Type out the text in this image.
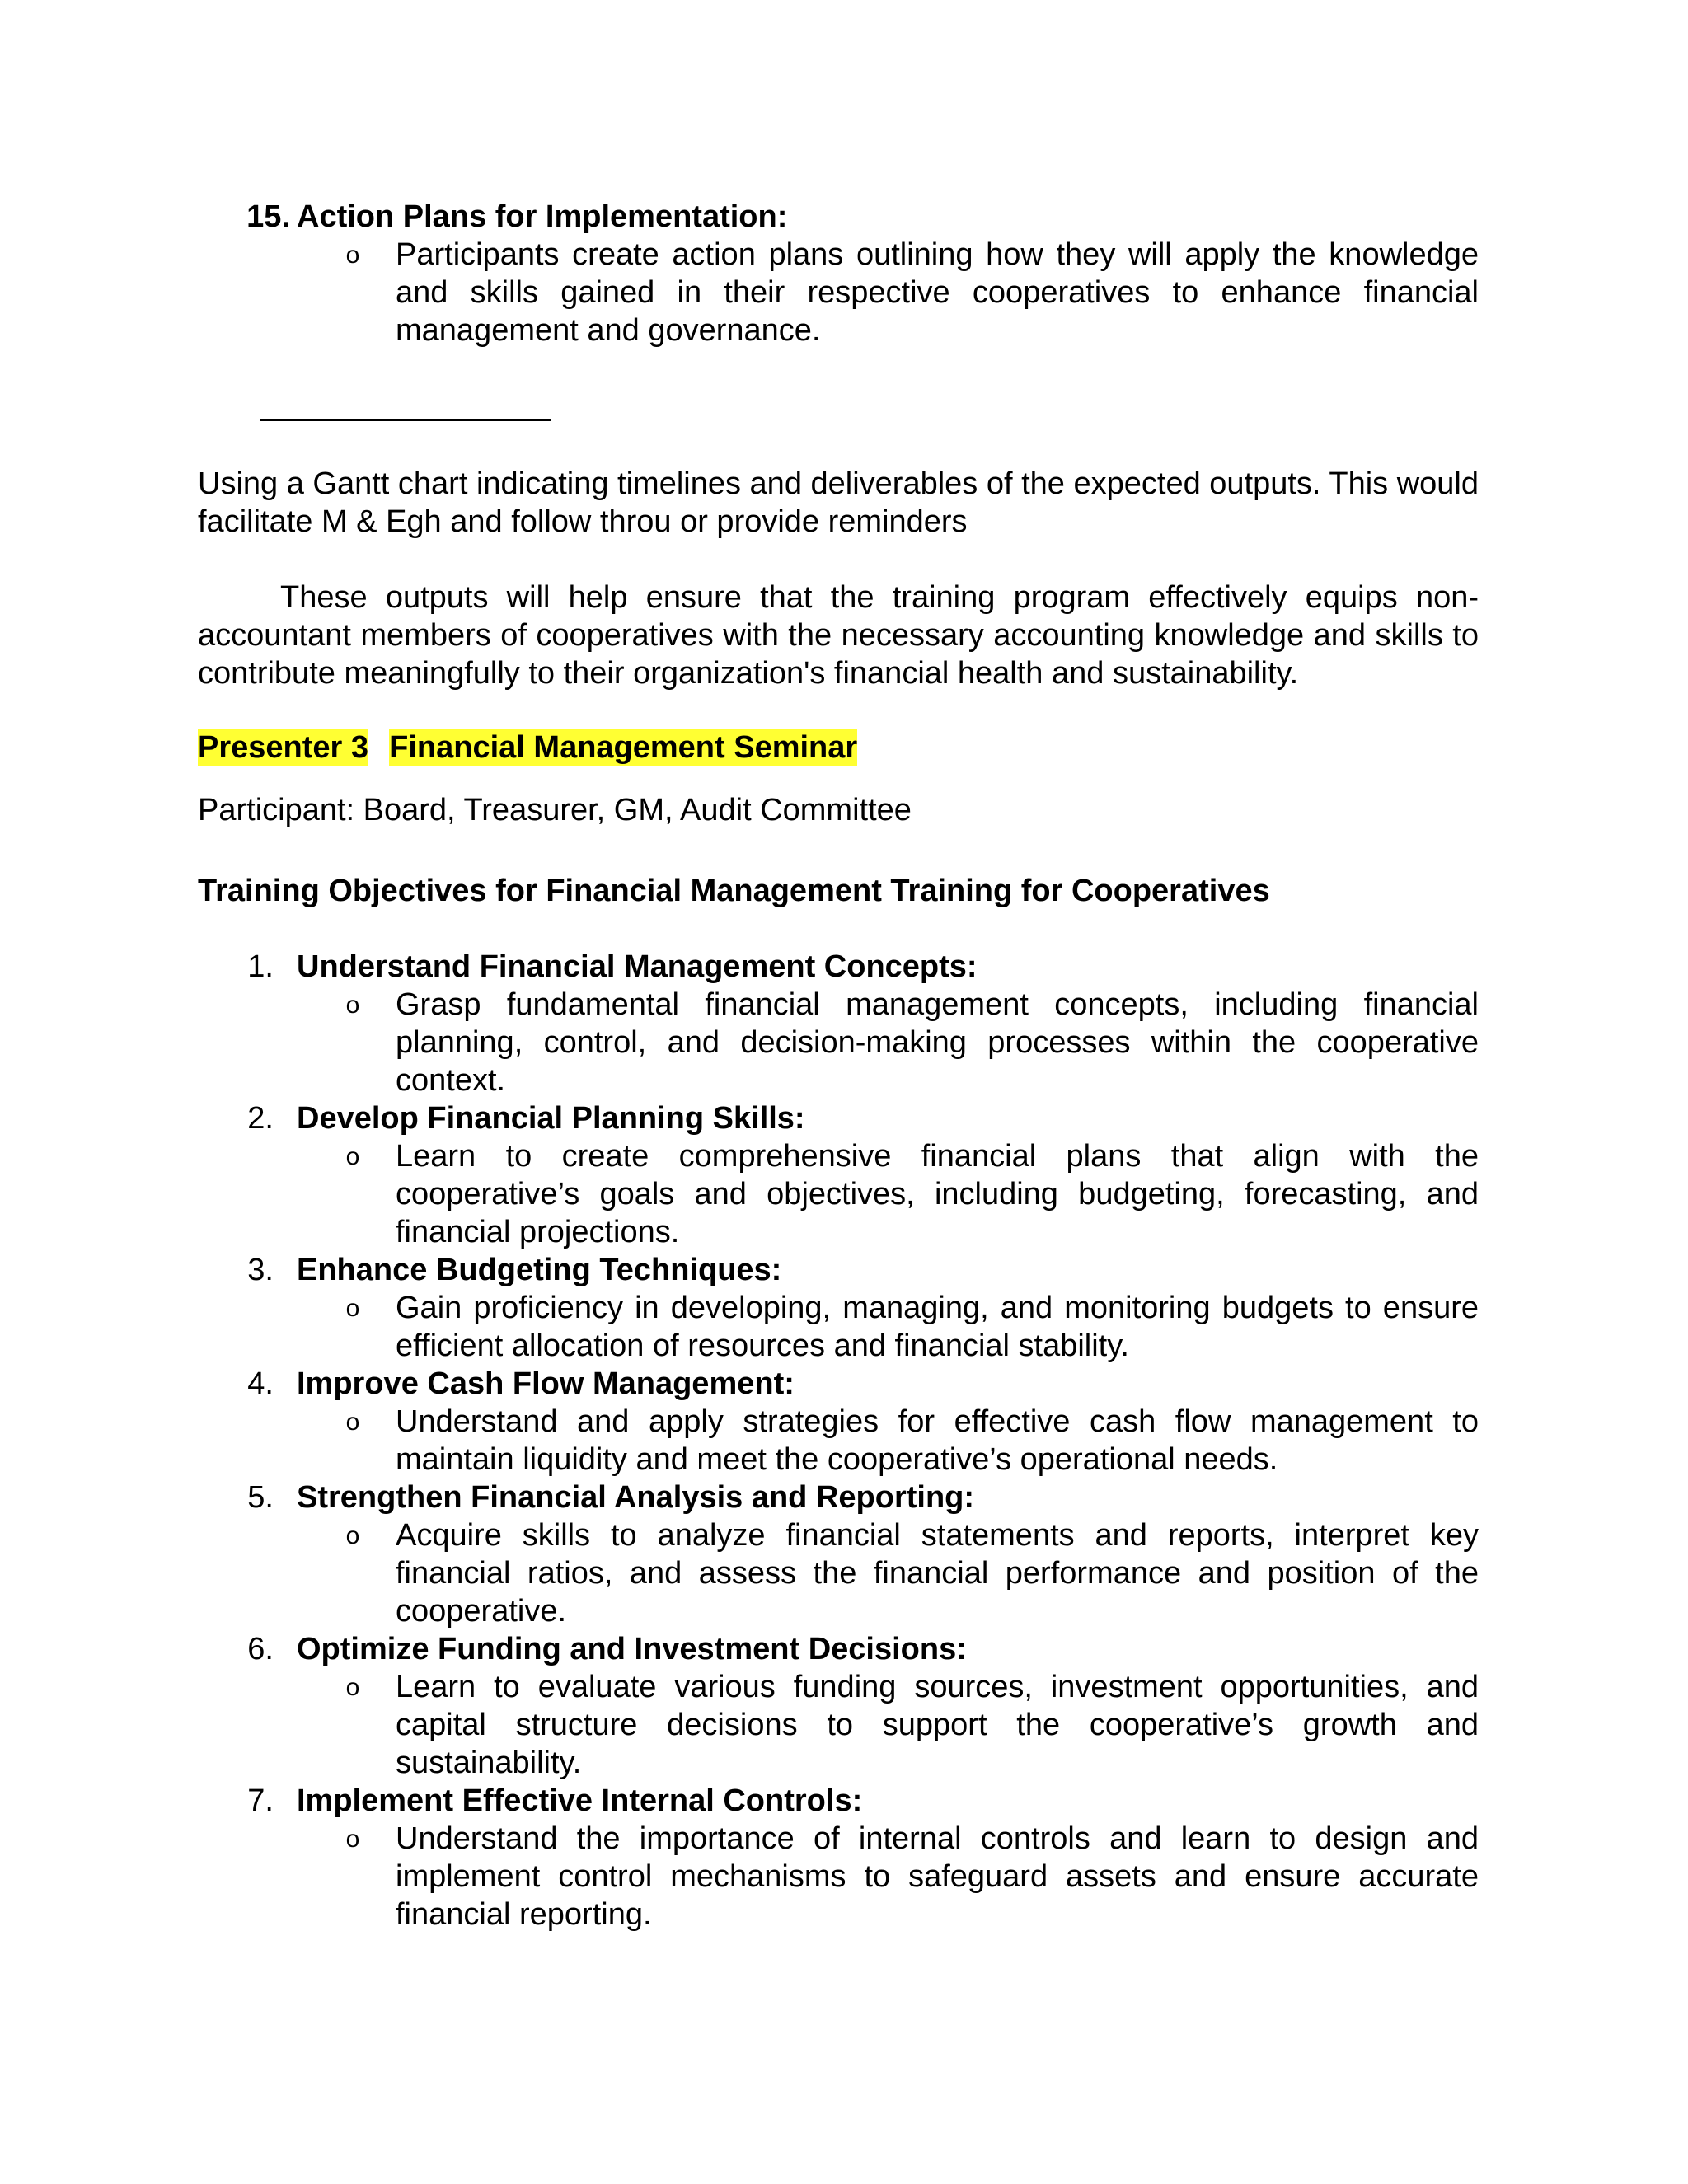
15. Action Plans for Implementation:
o	Participants create action plans outlining how they will apply the knowledge and skills gained in their respective cooperatives to enhance financial management and governance.

Using a Gantt chart indicating timelines and deliverables of the expected outputs. This would facilitate M & Egh and follow throu or provide reminders

These outputs will help ensure that the training program effectively equips non-accountant members of cooperatives with the necessary accounting knowledge and skills to contribute meaningfully to their organization's financial health and sustainability.

Presenter 3 Financial Management Seminar
Participant: Board, Treasurer, GM, Audit Committee
Training Objectives for Financial Management Training for Cooperatives
1. Understand Financial Management Concepts:
o	Grasp fundamental financial management concepts, including financial planning, control, and decision-making processes within the cooperative context.

2. Develop Financial Planning Skills:
o	Learn to create comprehensive financial plans that align with the cooperative’s goals and objectives, including budgeting, forecasting, and financial projections.

3. Enhance Budgeting Techniques:
o	Gain proficiency in developing, managing, and monitoring budgets to ensure efficient allocation of resources and financial stability.

4. Improve Cash Flow Management:
o	Understand and apply strategies for effective cash flow management to maintain liquidity and meet the cooperative’s operational needs.

5. Strengthen Financial Analysis and Reporting:
o	Acquire skills to analyze financial statements and reports, interpret key financial ratios, and assess the financial performance and position of the cooperative.

6. Optimize Funding and Investment Decisions:
o	Learn to evaluate various funding sources, investment opportunities, and capital structure decisions to support the cooperative’s growth and sustainability.

7. Implement Effective Internal Controls:
o	Understand the importance of internal controls and learn to design and implement control mechanisms to safeguard assets and ensure accurate financial reporting.
